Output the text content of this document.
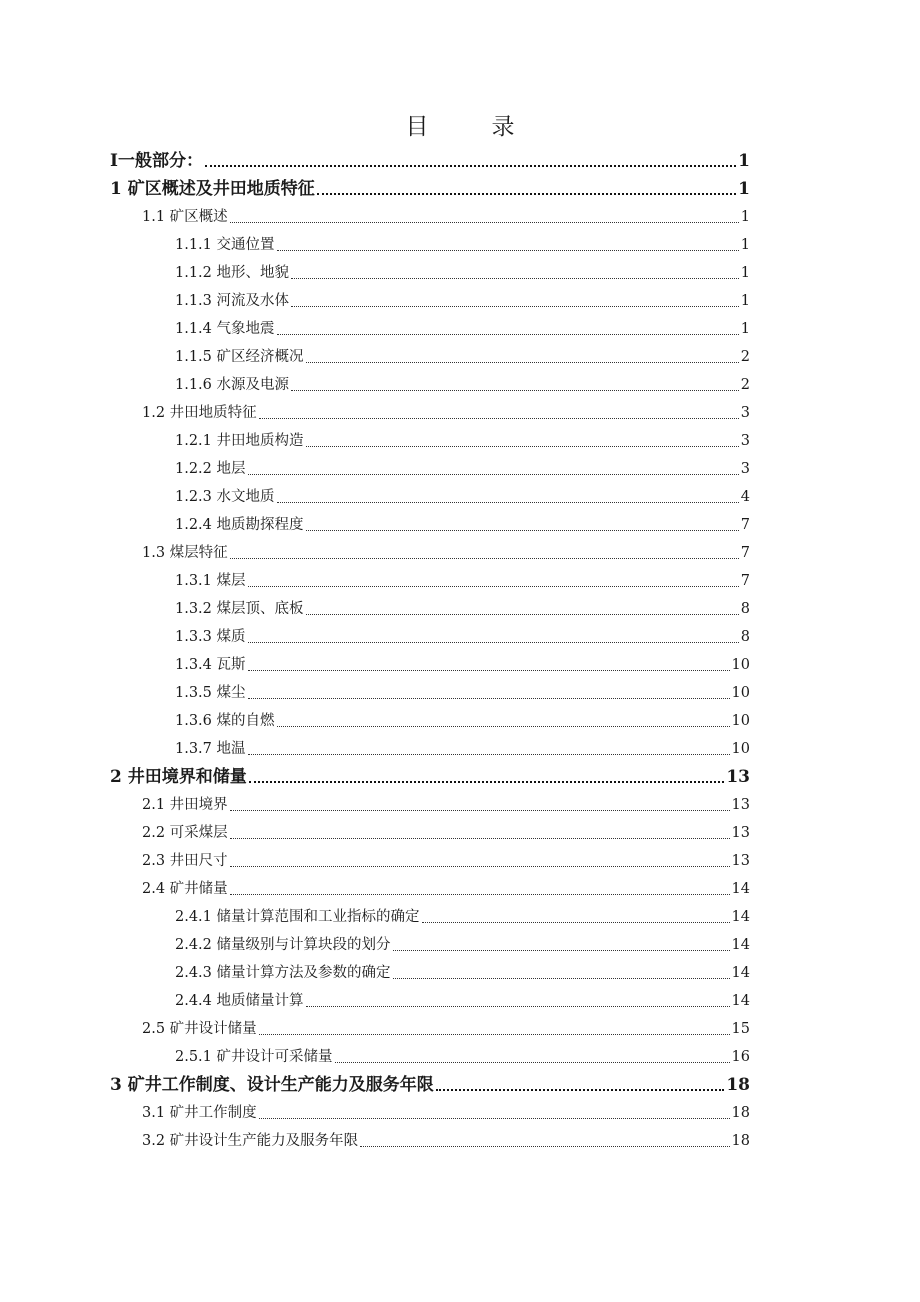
目　录
Ⅰ一般部分：	1
1 矿区概述及井田地质特征	1
1.1 矿区概述	1
1.1.1 交通位置	1
1.1.2 地形、地貌	1
1.1.3 河流及水体	1
1.1.4 气象地震	1
1.1.5 矿区经济概况	2
1.1.6 水源及电源	2
1.2 井田地质特征	3
1.2.1 井田地质构造	3
1.2.2 地层	3
1.2.3 水文地质	4
1.2.4 地质勘探程度	7
1.3 煤层特征	7
1.3.1 煤层	7
1.3.2 煤层顶、底板	8
1.3.3 煤质	8
1.3.4 瓦斯	10
1.3.5 煤尘	10
1.3.6 煤的自燃	10
1.3.7 地温	10
2 井田境界和储量	13
2.1 井田境界	13
2.2 可采煤层	13
2.3 井田尺寸	13
2.4 矿井储量	14
2.4.1 储量计算范围和工业指标的确定	14
2.4.2 储量级别与计算块段的划分	14
2.4.3 储量计算方法及参数的确定	14
2.4.4 地质储量计算	14
2.5 矿井设计储量	15
2.5.1 矿井设计可采储量	16
3 矿井工作制度、设计生产能力及服务年限	18
3.1 矿井工作制度	18
3.2 矿井设计生产能力及服务年限	18
